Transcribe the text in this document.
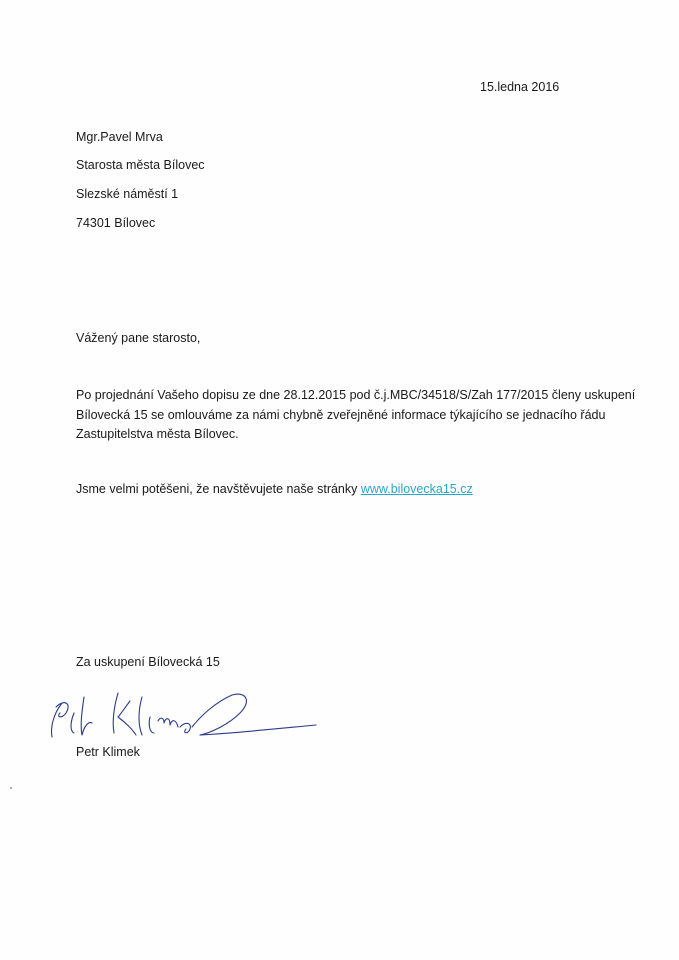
15.ledna 2016
Mgr.Pavel Mrva
Starosta města Bílovec
Slezské náměstí 1
74301 Bílovec
Vážený pane starosto,
Po projednání Vašeho dopisu ze dne 28.12.2015 pod č.j.MBC/34518/S/Zah 177/2015 členy uskupení
Bílovecká 15 se omlouváme za námi chybně zveřejněné informace týkajícího se jednacího řádu
Zastupitelstva města Bílovec.
Jsme velmi potěšeni, že navštěvujete naše stránky www.bilovecka15.cz
Za uskupení Bílovecká 15
Petr Klimek
